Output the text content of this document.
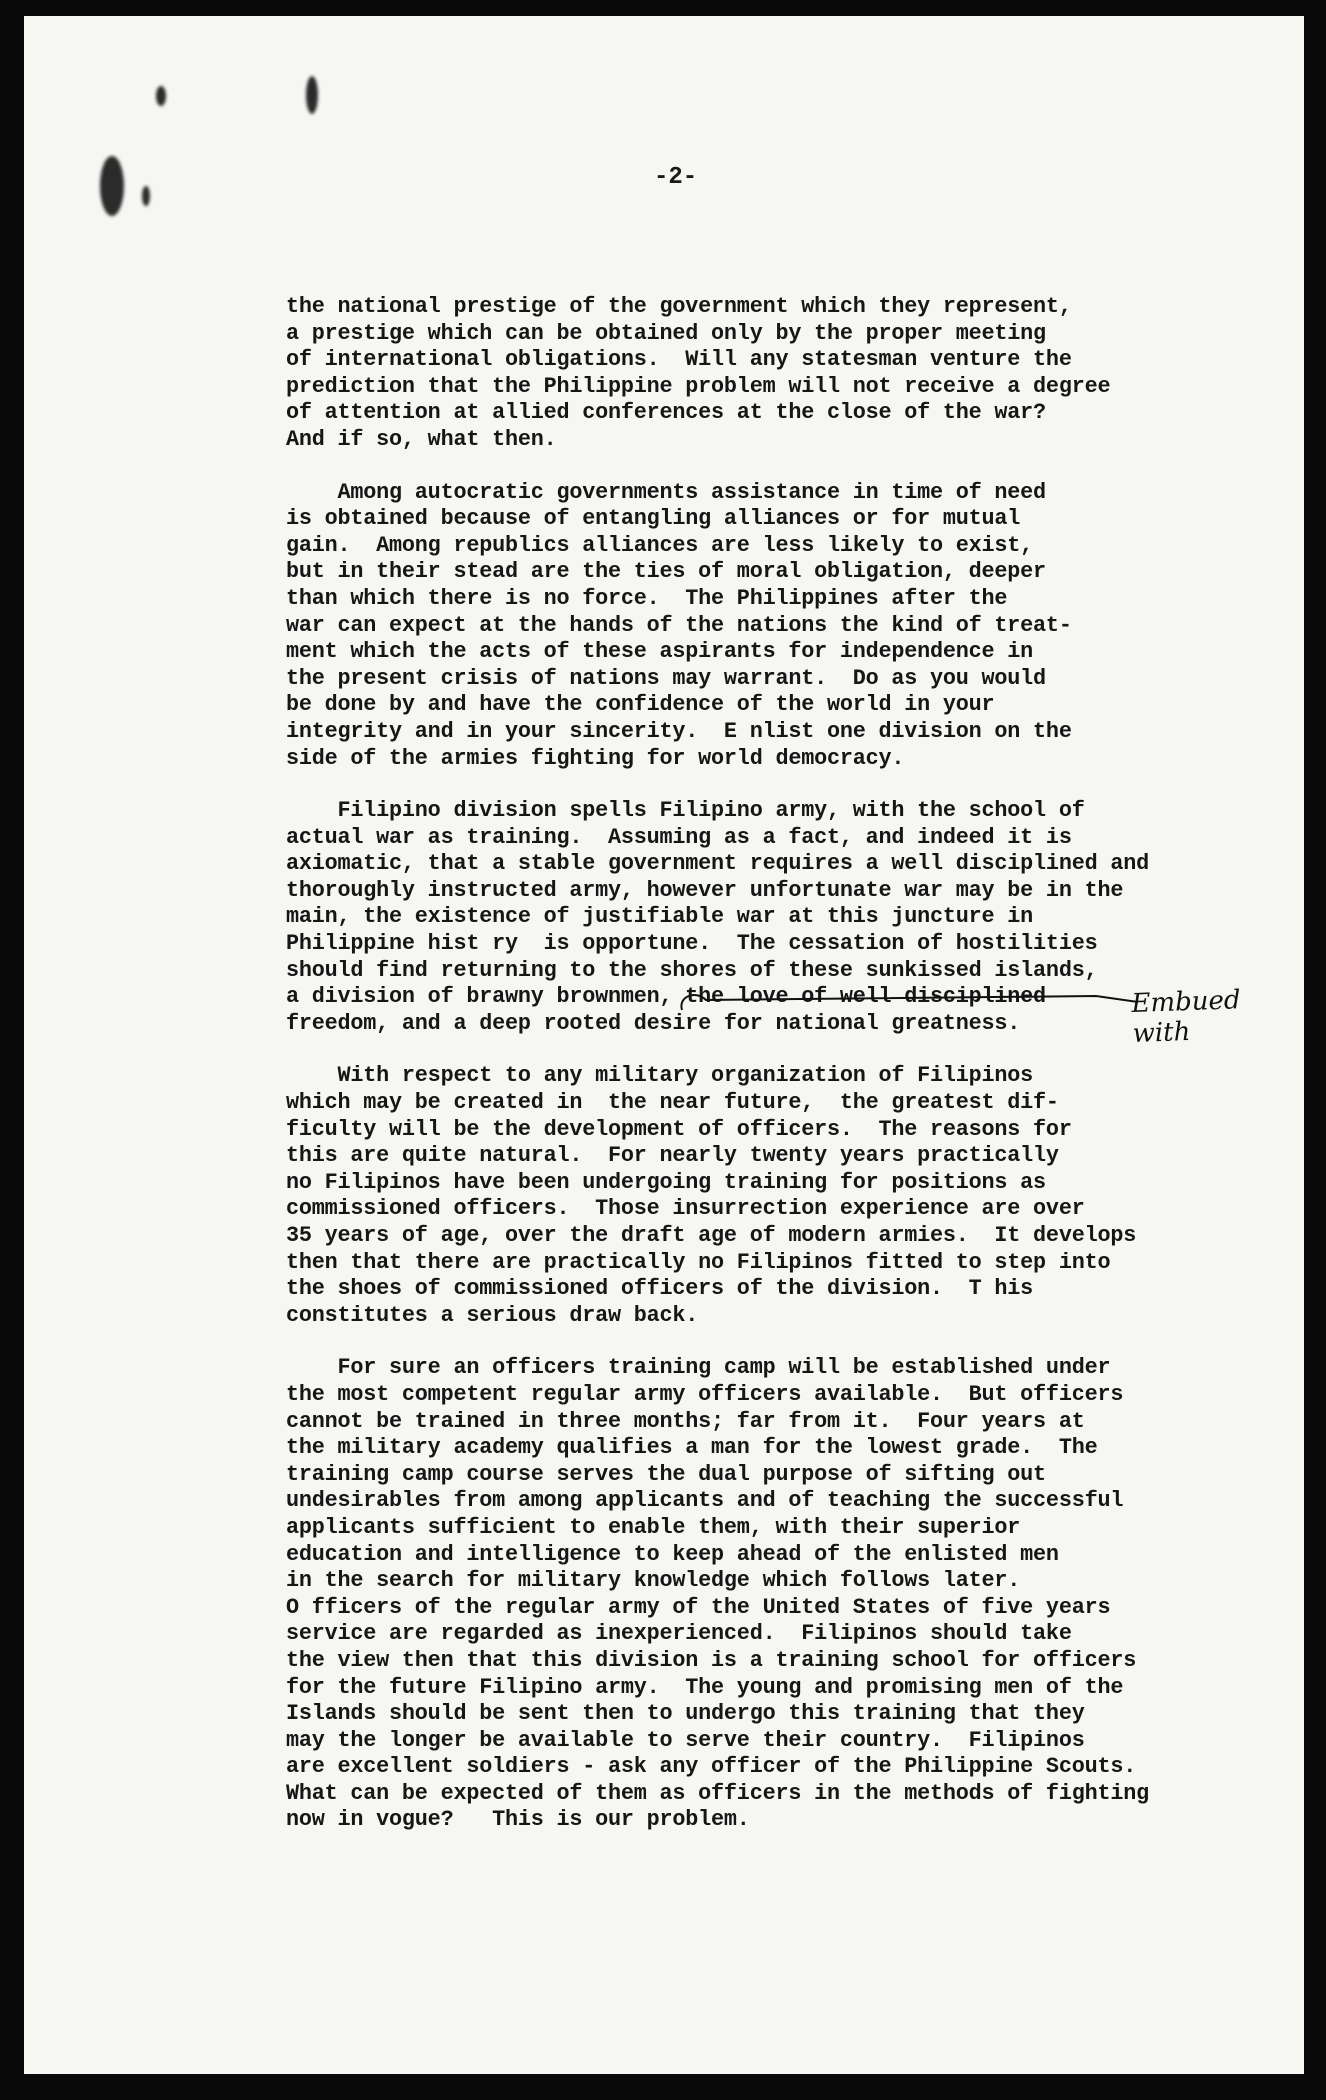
-2-
the national prestige of the government which they represent,
a prestige which can be obtained only by the proper meeting
of international obligations.  Will any statesman venture the
prediction that the Philippine problem will not receive a degree
of attention at allied conferences at the close of the war?
And if so, what then.
Among autocratic governments assistance in time of need
is obtained because of entangling alliances or for mutual
gain.  Among republics alliances are less likely to exist,
but in their stead are the ties of moral obligation, deeper
than which there is no force.  The Philippines after the
war can expect at the hands of the nations the kind of treat-
ment which the acts of these aspirants for independence in
the present crisis of nations may warrant.  Do as you would
be done by and have the confidence of the world in your
integrity and in your sincerity.  E nlist one division on the
side of the armies fighting for world democracy.
Filipino division spells Filipino army, with the school of
actual war as training.  Assuming as a fact, and indeed it is
axiomatic, that a stable government requires a well disciplined and
thoroughly instructed army, however unfortunate war may be in the
main, the existence of justifiable war at this juncture in
Philippine hist ry  is opportune.  The cessation of hostilities
should find returning to the shores of these sunkissed islands,
a division of brawny brownmen, the love of well disciplined
freedom, and a deep rooted desire for national greatness.
With respect to any military organization of Filipinos
which may be created in  the near future,  the greatest dif-
ficulty will be the development of officers.  The reasons for
this are quite natural.  For nearly twenty years practically
no Filipinos have been undergoing training for positions as
commissioned officers.  Those insurrection experience are over
35 years of age, over the draft age of modern armies.  It develops
then that there are practically no Filipinos fitted to step into
the shoes of commissioned officers of the division.  T his
constitutes a serious draw back.
For sure an officers training camp will be established under
the most competent regular army officers available.  But officers
cannot be trained in three months; far from it.  Four years at
the military academy qualifies a man for the lowest grade.  The
training camp course serves the dual purpose of sifting out
undesirables from among applicants and of teaching the successful
applicants sufficient to enable them, with their superior
education and intelligence to keep ahead of the enlisted men
in the search for military knowledge which follows later.
O fficers of the regular army of the United States of five years
service are regarded as inexperienced.  Filipinos should take
the view then that this division is a training school for officers
for the future Filipino army.  The young and promising men of the
Islands should be sent then to undergo this training that they
may the longer be available to serve their country.  Filipinos
are excellent soldiers - ask any officer of the Philippine Scouts.
What can be expected of them as officers in the methods of fighting
now in vogue?   This is our problem.
Embued with
